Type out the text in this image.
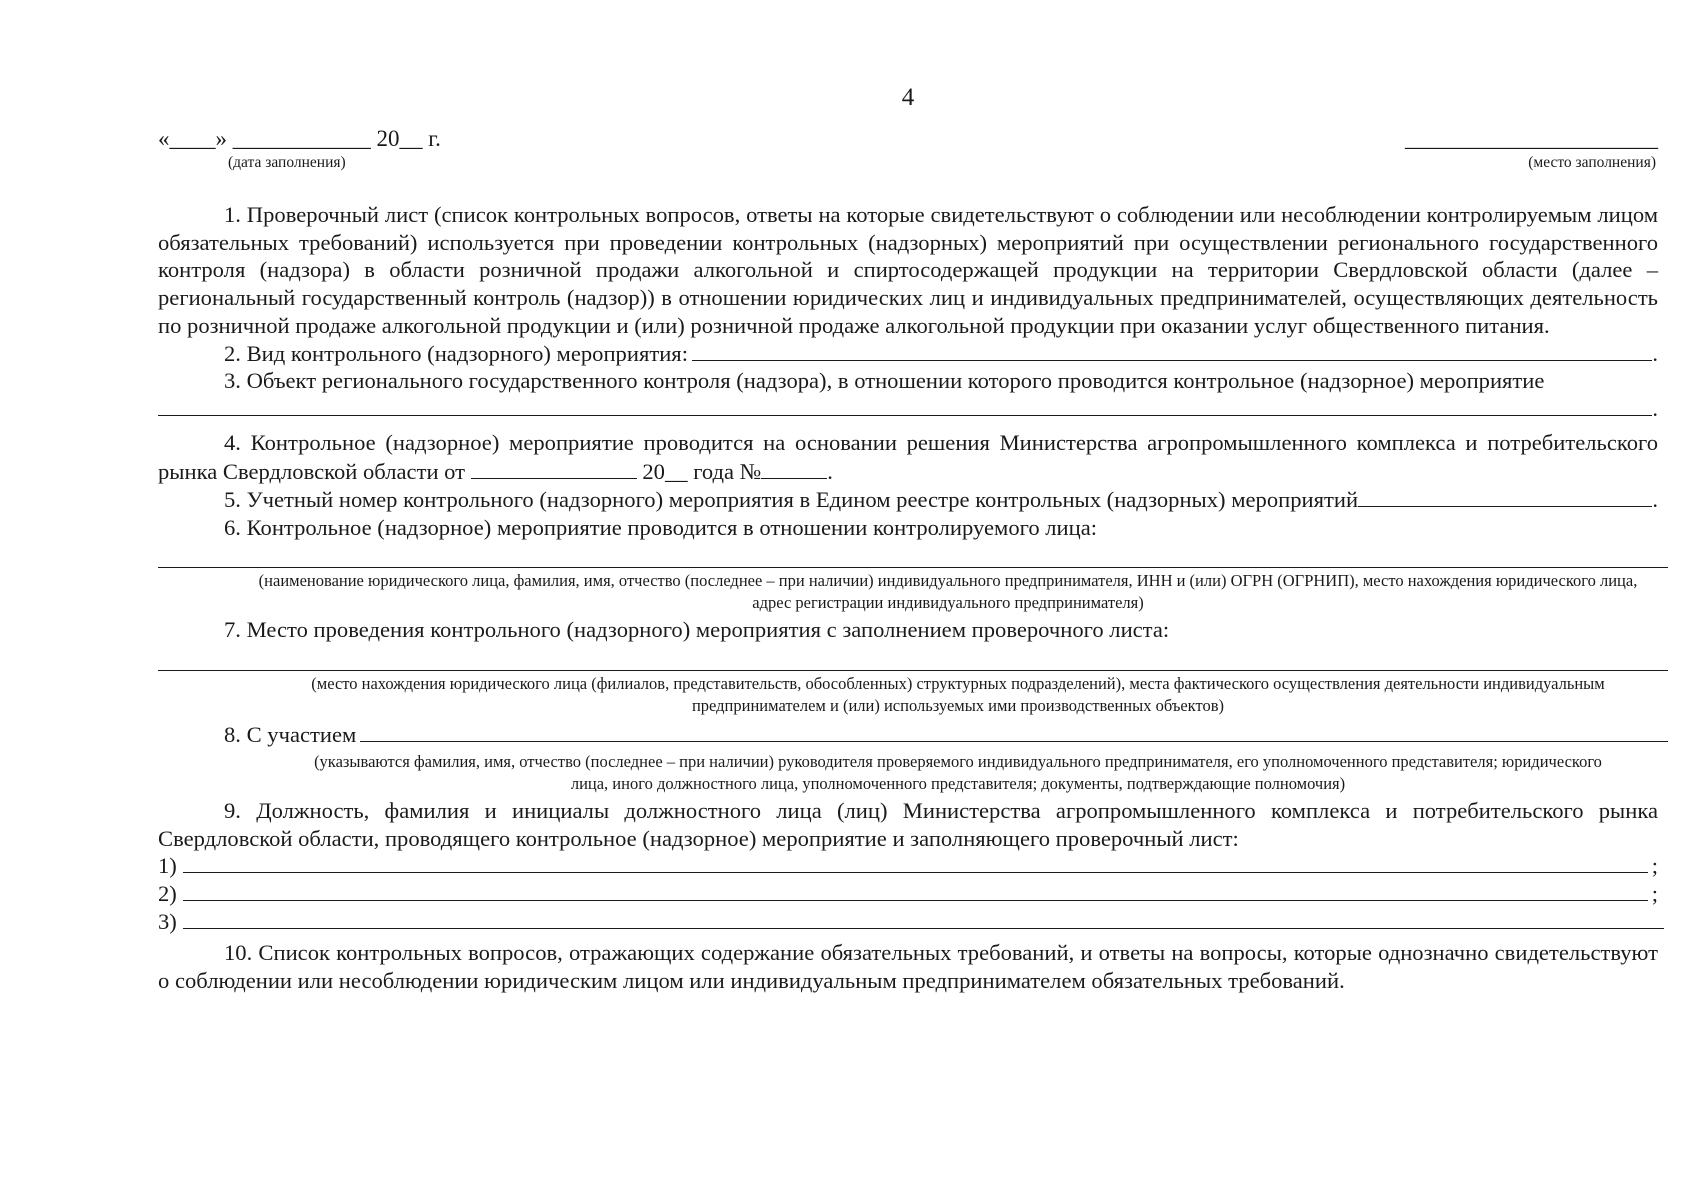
4
«____» ____________ 20__ г.
(дата заполнения)
______________________
(место заполнения)

1. Проверочный лист (список контрольных вопросов, ответы на которые свидетельствуют о соблюдении или несоблюдении контролируемым лицом обязательных требований) используется при проведении контрольных (надзорных) мероприятий при осуществлении регионального государственного контроля (надзора) в области розничной продажи алкогольной и спиртосодержащей продукции на территории Свердловской области (далее – региональный государственный контроль (надзор)) в отношении юридических лиц и индивидуальных предпринимателей, осуществляющих деятельность по розничной продаже алкогольной продукции и (или) розничной продаже алкогольной продукции при оказании услуг общественного питания.

2. Вид контрольного (надзорного) мероприятия:	.

3. Объект регионального государственного контроля (надзора), в отношении которого проводится контрольное (надзорное) мероприятие

.

4. Контрольное (надзорное) мероприятие проводится на основании решения Министерства агропромышленного комплекса и потребительского рынка Свердловской области от	20__ года №	.

5. Учетный номер контрольного (надзорного) мероприятия в Едином реестре контрольных (надзорных) мероприятий	.

6. Контрольное (надзорное) мероприятие проводится в отношении контролируемого лица:

(наименование юридического лица, фамилия, имя, отчество (последнее – при наличии) индивидуального предпринимателя, ИНН и (или) ОГРН (ОГРНИП), место нахождения юридического лица, адрес регистрации индивидуального предпринимателя)

7. Место проведения контрольного (надзорного) мероприятия с заполнением проверочного листа:

(место нахождения юридического лица (филиалов, представительств, обособленных) структурных подразделений), места фактического осуществления деятельности индивидуальным предпринимателем и (или) используемых ими производственных объектов)

8. С участием

(указываются фамилия, имя, отчество (последнее – при наличии) руководителя проверяемого индивидуального предпринимателя, его уполномоченного представителя; юридического лица, иного должностного лица, уполномоченного представителя; документы, подтверждающие полномочия)

9. Должность, фамилия и инициалы должностного лица (лиц) Министерства агропромышленного комплекса и потребительского рынка Свердловской области, проводящего контрольное (надзорное) мероприятие и заполняющего проверочный лист:

1)	;
2)	;
3)

10. Список контрольных вопросов, отражающих содержание обязательных требований, и ответы на вопросы, которые однозначно свидетельствуют о соблюдении или несоблюдении юридическим лицом или индивидуальным предпринимателем обязательных требований.
